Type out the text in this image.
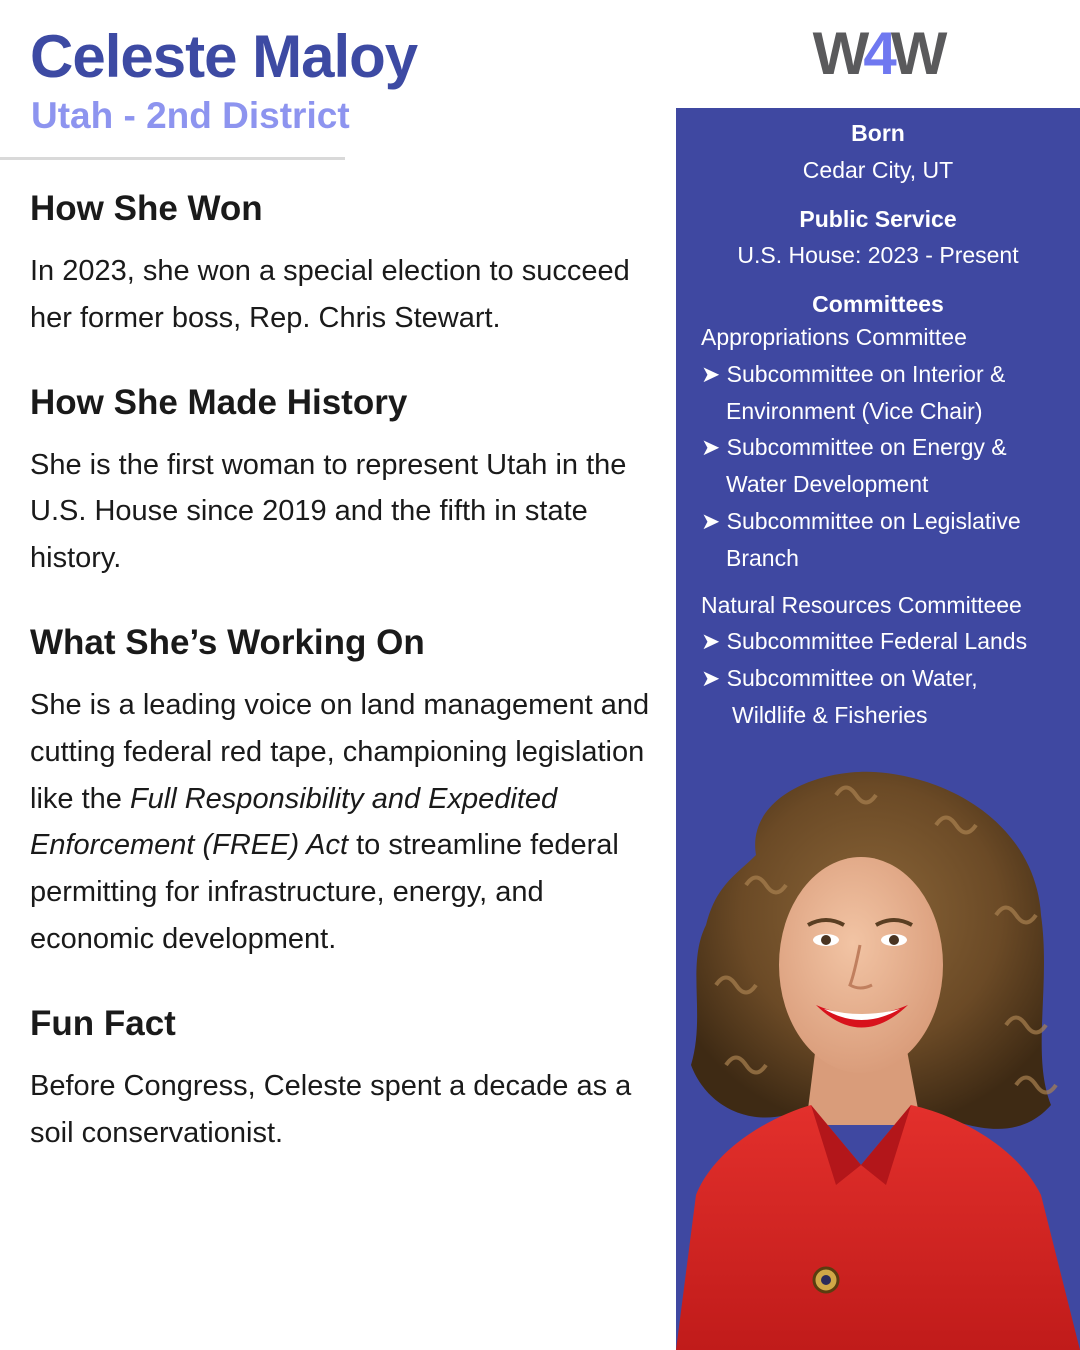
Celeste Maloy
Utah - 2nd District
W
4
W
How She Won

In 2023, she won a special election to succeed her former boss, Rep. Chris Stewart.

How She Made History

She is the first woman to represent Utah in the U.S. House since 2019 and the fifth in state history.

What She’s Working On

She is a leading voice on land management and cutting federal red tape, championing legislation like the Full Responsibility and Expedited Enforcement (FREE) Act to streamline federal permitting for infrastructure, energy, and economic development.

Fun Fact

Before Congress, Celeste spent a decade as a soil conservationist.

Born
Cedar City, UT
Public Service
U.S. House: 2023 - Present
Committees
Appropriations Committee
➤ Subcommittee on Interior &
Environment (Vice Chair)
➤ Subcommittee on Energy &
Water Development
➤ Subcommittee on Legislative
Branch
Natural Resources Committeee
➤ Subcommittee Federal Lands
➤ Subcommittee on Water,
Wildlife & Fisheries
